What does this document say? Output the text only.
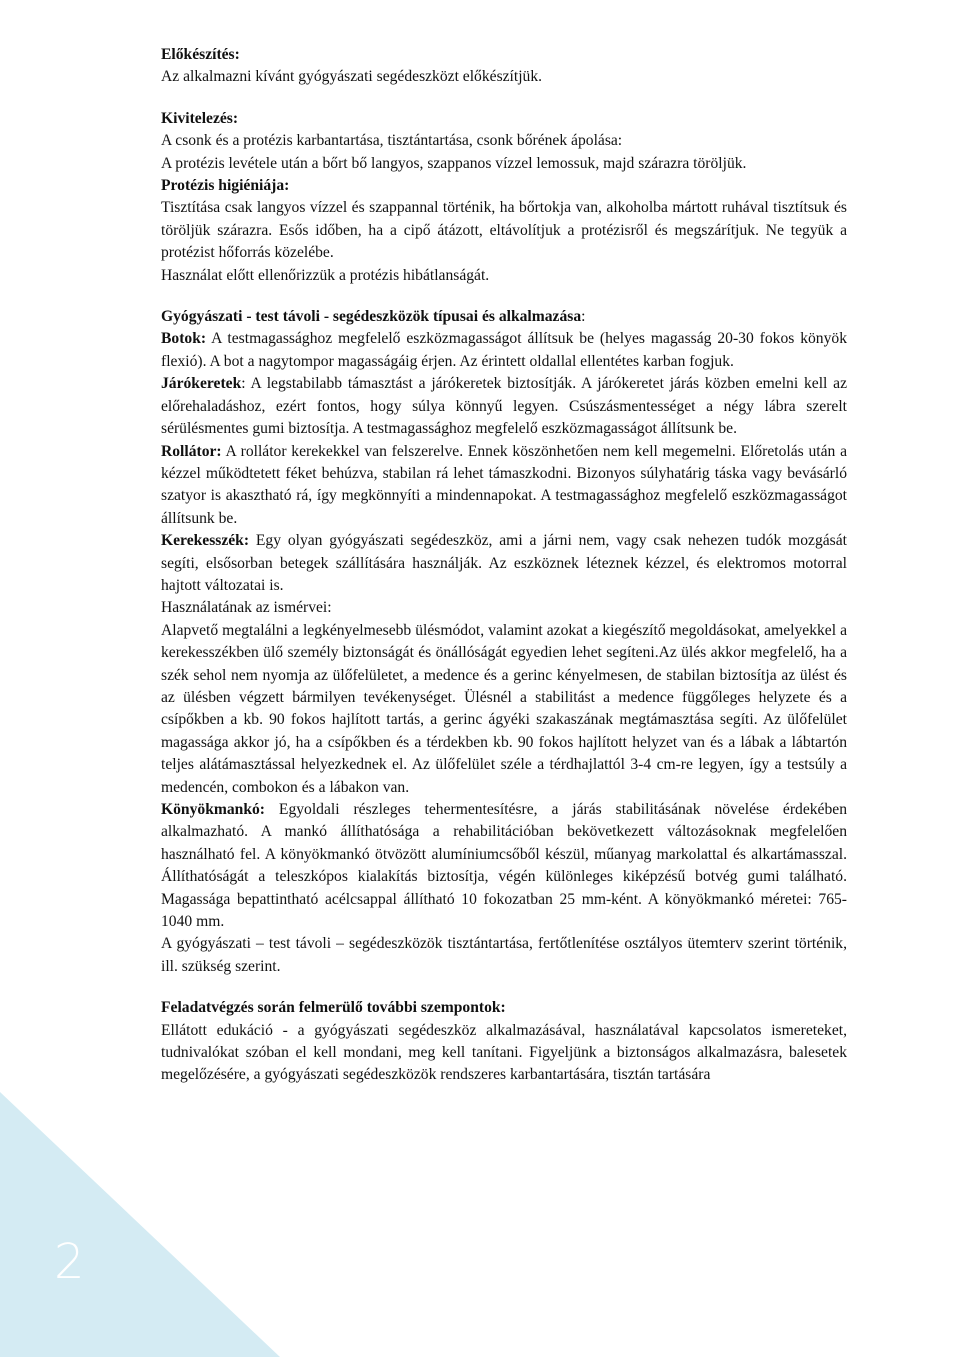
2
Előkészítés:
Az alkalmazni kívánt gyógyászati segédeszközt előkészítjük.
Kivitelezés:
A csonk és a protézis karbantartása, tisztántartása, csonk bőrének ápolása:
A protézis levétele után a bőrt bő langyos, szappanos vízzel lemossuk, majd szárazra töröljük.
Protézis higiéniája:

Tisztítása csak langyos vízzel és szappannal történik, ha bőrtokja van, alkoholba mártott ruhával tisztítsuk és töröljük szárazra. Esős időben, ha a cipő átázott, eltávolítjuk a protézisről és megszárítjuk. Ne tegyük a protézist hőforrás közelébe.

Használat előtt ellenőrizzük a protézis hibátlanságát.
Gyógyászati - test távoli - segédeszközök típusai és alkalmazása:

Botok: A testmagassághoz megfelelő eszközmagasságot állítsuk be (helyes magasság 20-30 fokos könyök flexió). A bot a nagytompor magasságáig érjen. Az érintett oldallal ellentétes karban fogjuk.

Járókeretek: A legstabilabb támasztást a járókeretek biztosítják. A járókeretet járás közben emelni kell az előrehaladáshoz, ezért fontos, hogy súlya könnyű legyen. Csúszásmentességet a négy lábra szerelt sérülésmentes gumi biztosítja. A testmagassághoz megfelelő eszközmagasságot állítsunk be.

Rollátor: A rollátor kerekekkel van felszerelve. Ennek köszönhetően nem kell megemelni. Előretolás után a kézzel működtetett féket behúzva, stabilan rá lehet támaszkodni. Bizonyos súlyhatárig táska vagy bevásárló szatyor is akasztható rá, így megkönnyíti a mindennapokat. A testmagassághoz megfelelő eszközmagasságot állítsunk be.

Kerekesszék: Egy olyan gyógyászati segédeszköz, ami a járni nem, vagy csak nehezen tudók mozgását segíti, elsősorban betegek szállítására használják. Az eszköznek léteznek kézzel, és elektromos motorral hajtott változatai is.

Használatának az ismérvei:

Alapvető megtalálni a legkényelmesebb ülésmódot, valamint azokat a kiegészítő megoldásokat, amelyekkel a kerekesszékben ülő személy biztonságát és önállóságát egyedien lehet segíteni.Az ülés akkor megfelelő, ha a szék sehol nem nyomja az ülőfelületet, a medence és a gerinc kényelmesen, de stabilan biztosítja az ülést és az ülésben végzett bármilyen tevékenységet. Ülésnél a stabilitást a medence függőleges helyzete és a csípőkben a kb. 90 fokos hajlított tartás, a gerinc ágyéki szakaszának megtámasztása segíti. Az ülőfelület magassága akkor jó, ha a csípőkben és a térdekben kb. 90 fokos hajlított helyzet van és a lábak a lábtartón teljes alátámasztással helyezkednek el. Az ülőfelület széle a térdhajlattól 3-4 cm-re legyen, így a testsúly a medencén, combokon és a lábakon van.

Könyökmankó: Egyoldali részleges tehermentesítésre, a járás stabilitásának növelése érdekében alkalmazható. A mankó állíthatósága a rehabilitációban bekövetkezett változásoknak megfelelően használható fel. A könyökmankó ötvözött alumíniumcsőből készül, műanyag markolattal és alkartámasszal. Állíthatóságát a teleszkópos kialakítás biztosítja, végén különleges kiképzésű botvég gumi található. Magassága bepattintható acélcsappal állítható 10 fokozatban 25 mm-ként. A könyökmankó méretei: 765-1040 mm.

A gyógyászati – test távoli – segédeszközök tisztántartása, fertőtlenítése osztályos ütemterv szerint történik, ill. szükség szerint.

Feladatvégzés során felmerülő további szempontok:

Ellátott edukáció - a gyógyászati segédeszköz alkalmazásával, használatával kapcsolatos ismereteket, tudnivalókat szóban el kell mondani, meg kell tanítani. Figyeljünk a biztonságos alkalmazásra, balesetek megelőzésére, a gyógyászati segédeszközök rendszeres karbantartására, tisztán tartására
